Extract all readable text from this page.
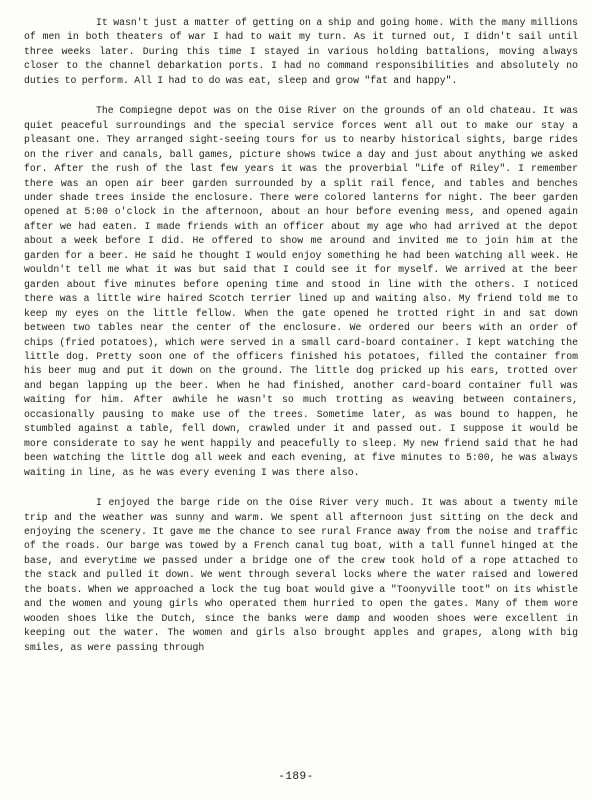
It wasn't just a matter of getting on a ship and going home. With the many millions of men in both theaters of war I had to wait my turn. As it turned out, I didn't sail until three weeks later. During this time I stayed in various holding battalions, moving always closer to the channel debarkation ports. I had no command responsibilities and absolutely no duties to perform. All I had to do was eat, sleep and grow "fat and happy".

The Compiegne depot was on the Oise River on the grounds of an old chateau. It was quiet peaceful surroundings and the special service forces went all out to make our stay a pleasant one. They arranged sight-seeing tours for us to nearby historical sights, barge rides on the river and canals, ball games, picture shows twice a day and just about anything we asked for. After the rush of the last few years it was the proverbial "Life of Riley". I remember there was an open air beer garden surrounded by a split rail fence, and tables and benches under shade trees inside the enclosure. There were colored lanterns for night. The beer garden opened at 5:00 o'clock in the afternoon, about an hour before evening mess, and opened again after we had eaten. I made friends with an officer about my age who had arrived at the depot about a week before I did. He offered to show me around and invited me to join him at the garden for a beer. He said he thought I would enjoy something he had been watching all week. He wouldn't tell me what it was but said that I could see it for myself. We arrived at the beer garden about five minutes before opening time and stood in line with the others. I noticed there was a little wire haired Scotch terrier lined up and waiting also. My friend told me to keep my eyes on the little fellow. When the gate opened he trotted right in and sat down between two tables near the center of the enclosure. We ordered our beers with an order of chips (fried potatoes), which were served in a small card-board container. I kept watching the little dog. Pretty soon one of the officers finished his potatoes, filled the container from his beer mug and put it down on the ground. The little dog pricked up his ears, trotted over and began lapping up the beer. When he had finished, another card-board container full was waiting for him. After awhile he wasn't so much trotting as weaving between containers, occasionally pausing to make use of the trees. Sometime later, as was bound to happen, he stumbled against a table, fell down, crawled under it and passed out. I suppose it would be more considerate to say he went happily and peacefully to sleep. My new friend said that he had been watching the little dog all week and each evening, at five minutes to 5:00, he was always waiting in line, as he was every evening I was there also.

I enjoyed the barge ride on the Oise River very much. It was about a twenty mile trip and the weather was sunny and warm. We spent all afternoon just sitting on the deck and enjoying the scenery. It gave me the chance to see rural France away from the noise and traffic of the roads. Our barge was towed by a French canal tug boat, with a tall funnel hinged at the base, and everytime we passed under a bridge one of the crew took hold of a rope attached to the stack and pulled it down. We went through several locks where the water raised and lowered the boats. When we approached a lock the tug boat would give a "Toonyville toot" on its whistle and the women and young girls who operated them hurried to open the gates. Many of them wore wooden shoes like the Dutch, since the banks were damp and wooden shoes were excellent in keeping out the water. The women and girls also brought apples and grapes, along with big smiles, as were passing through

-189-
